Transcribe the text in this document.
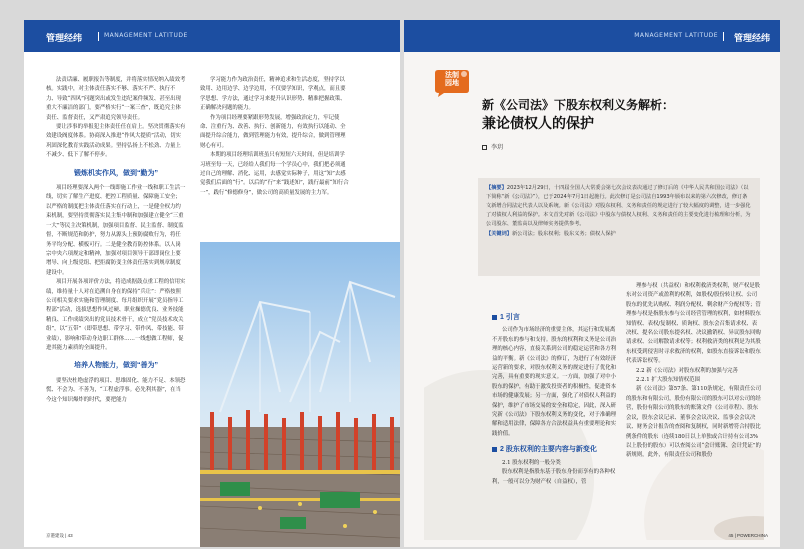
管理经纬	MANAGEMENT LATITUDE

法责话廉、履职报告等制度，并将落实情况纳入绩效考核。实践中，对主体责任落实不够、落实不严、执行不力、导致“四风”问题突出或发生违纪案件频发、甚至出现重大不廉洁的部门，要严格实行“一案三查”，既追究主体责任、监督责任，又严肃追究领导责任。

要让涉事的举报犯主体责任任在肩上。坚决贯彻落实有效建设阀度体系。协商深入推进“作风大提质”活动，切实巩固深化教育实践活动成果。坚持弘扬上不松劲、力量上不减少、低下了解不停步。

锻炼机实作风，做到“勤为”

项目经理要深入两个一线即施工作业一线和职工生活一线，切实了解生产进度、把控工程质量、保障施工安全；以严格的制度把主体责任落实在行动上，一是健全权力约束机制，要坚持贯彻落实民主集中制和加强建立健全“三重一大”等民主决策机制，加强项目监督、民主监督、制度监督，不断规范和防护，努力从源头上预防腐败行为，将任务平均分配、横板可行。二是健全教育防控体系。以人岗宗中央六项规定和精神，加强对项目领导干部即岗位上要增导、向上级党组、把拒腐防变主体责任落实到规章制度建设中。

项目开展各项评价方法，将造成据鼓点重工程的信用实绩，维持量十人对在追溯自身在的保持“兵让”：严格按照公司相关要求实施和管理制度、每月组织开展“党员指导工程部”活动，选拔思想作风过硬、职业操德优良、业务技能精良、工作成绩突出的党员技术骨干，成立“党员技术攻关组”，以“五带”（即带思想、带学习、带作风、带技能、带业绩），影响和带动身边职工群体……一线想做工程师，促进其能力素质的全面提升。

培养人物能力，做到“善为”

要坚决杜绝虚浮的项目、思维固化、能力不足、本领恐慌、不会为、不善为，“工程虚浮事。必先利其器”，在当今这个知识爆炸的时代，要把能力

学习能力作为政治责任，精神追求和生活态度，坚持学以致用、边用边学、边学边用，不仅要学知识，学观点，而且要学思想、学方法，通过学习来提升认识形势、精准把握政策、正确解决问题的能力。

作为项目经理要紧跟形势发展，增强政治定力，牢记使命、注重行为、改善、执行、创新能力，有效执行以能动、全面提升综合能力，做到管理能力有效，提升综合，做到管理理财心有可。

本期的项目经理培训班虽只有短短六天时间，但是培训学习班至每一天，已经给人我们每一个学员心中，我们把必须通过自己的理解、消化、运用，去感觉实际种子，用这“知”去感觉我们后面的“行”。以后的“行”来“践述知”，践行最前“知行合一”，践行“修德修身”，做公司的高质量发展的主力军。

京港建设 | 43
MANAGEMENT LATITUDE 管理经纬
法制
园地
新《公司法》下股东权利义务解析：
兼论债权人的保护
李玥
【摘要】2023年12月29日，十四届全国人大常委会第七次会议表决通过了修订后的《中华人民共和国公司法》（以下简称“新《公司法》”），已于2024年7月1日起施行。此次修订是公司法自1993年颁布以来的第六次修改，修订条文新增合同法定代表人以及系统。新《公司法》对股东权利、义务和责任的规定进行了较大幅度的调整，进一步强化了对债权人利益的保护。本文首先对新《公司法》中股东与债权人权利、义务和责任的主要变化进行梳理和分析，为公司股东、董监高以及律师实务提供参考。
【关键词】新公司法；股东权利；股东义务；债权人保护
1 引言

公司作为市场经济的重要主体，其运行和发展离不开股东的参与和支持。股东的权利和义务是公司治理的核心内容，直接关系到公司的稳定运营和各方利益的平衡。新《公司法》的修订，为进行了有效经济运营新的要求，对股东权利义务的规定进行了优化和完善，具有重要的现实意义。一方面，加强了对中小股东的保护，有助于激发投资者的积极性，促进资本市场的健康发展；另一方面，强化了对债权人利益的保护，维护了市场交易的安全和稳定，因此，深入研究新《公司法》下股东权利义务的变化，对于准确理解和适用法律，保障各方合法权益具有重要理论和实践价值。

2 股东权利的主要内容与新变化

2.1 股东权利的一般分类

股东权利是指股东基于股东身份而享有的各种权利，一般可以分为财产权（自益权），管

理参与权（共益权）和权利救济类权利，财产权是股东对公司资产或盈利的权利，如股权/股份转让权、公司股东的优先认购权、利润分配权、剩余财产分配权等；管理参与权是指股东参与公司经营管理的权利，如材料股东知情权、表权/复制权、质询权、股东会召集请求权、表决权、提名公司股东提名权、决议撤销权、异议股东回购请求权、公司解散请求权等；权利救济类的权利是为其股东权受到侵害时寻求救济的权利，如股东直接诉讼和股东代表诉讼权等。

2.2 新《公司法》对股东权利的加强与完善

2.2.1 扩大股东知情权范围

新《公司法》第57条、第110条规定，有限责任公司的股东和有限公司，股份有限公司的股东可以对公司的经营，股份有限公司的股东的账簿文件《公司章程》、股东会议，股东会议记录、董事会会议决议、监事会会议决议、财务会计报告的查阅和复制权，同时新增符合持股比例条件的股东（连续180日以上单独或合计持有公司3%以上股份的股东）可以查阅公司“会计账簿、会计凭证”的新规则，此外，有限责任公司和股份

45 | POWERCHINA
